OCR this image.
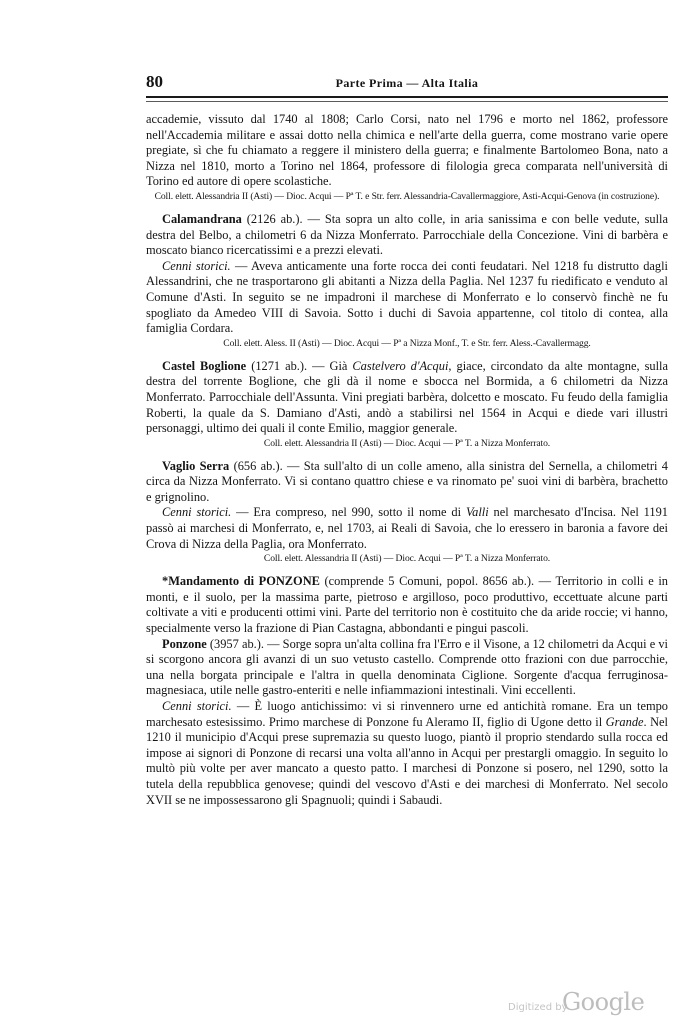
80	Parte Prima — Alta Italia

accademie, vissuto dal 1740 al 1808; Carlo Corsi, nato nel 1796 e morto nel 1862, professore nell'Accademia militare e assai dotto nella chimica e nell'arte della guerra, come mostrano varie opere pregiate, sì che fu chiamato a reggere il ministero della guerra; e finalmente Bartolomeo Bona, nato a Nizza nel 1810, morto a Torino nel 1864, professore di filologia greca comparata nell'università di Torino ed autore di opere scolastiche.

Coll. elett. Alessandria II (Asti) — Dioc. Acqui — Pª T. e Str. ferr. Alessandria-Cavallermaggiore, Asti-Acqui-Genova (in costruzione).

Calamandrana (2126 ab.). — Sta sopra un alto colle, in aria sanissima e con belle vedute, sulla destra del Belbo, a chilometri 6 da Nizza Monferrato. Parrocchiale della Concezione. Vini di barbèra e moscato bianco ricercatissimi e a prezzi elevati.

Cenni storici. — Aveva anticamente una forte rocca dei conti feudatari. Nel 1218 fu distrutto dagli Alessandrini, che ne trasportarono gli abitanti a Nizza della Paglia. Nel 1237 fu riedificato e venduto al Comune d'Asti. In seguito se ne impadroni il marchese di Monferrato e lo conservò finchè ne fu spogliato da Amedeo VIII di Savoia. Sotto i duchi di Savoia appartenne, col titolo di contea, alla famiglia Cordara.

Coll. elett. Aless. II (Asti) — Dioc. Acqui — Pª a Nizza Monf., T. e Str. ferr. Aless.-Cavallermagg.

Castel Boglione (1271 ab.). — Già Castelvero d'Acqui, giace, circondato da alte montagne, sulla destra del torrente Boglione, che gli dà il nome e sbocca nel Bormida, a 6 chilometri da Nizza Monferrato. Parrocchiale dell'Assunta. Vini pregiati barbèra, dolcetto e moscato. Fu feudo della famiglia Roberti, la quale da S. Damiano d'Asti, andò a stabilirsi nel 1564 in Acqui e diede vari illustri personaggi, ultimo dei quali il conte Emilio, maggior generale.

Coll. elett. Alessandria II (Asti) — Dioc. Acqui — Pª T. a Nizza Monferrato.

Vaglio Serra (656 ab.). — Sta sull'alto di un colle ameno, alla sinistra del Sernella, a chilometri 4 circa da Nizza Monferrato. Vi si contano quattro chiese e va rinomato pe' suoi vini di barbèra, brachetto e grignolino.

Cenni storici. — Era compreso, nel 990, sotto il nome di Valli nel marchesato d'Incisa. Nel 1191 passò ai marchesi di Monferrato, e, nel 1703, ai Reali di Savoia, che lo eressero in baronia a favore dei Crova di Nizza della Paglia, ora Monferrato.

Coll. elett. Alessandria II (Asti) — Dioc. Acqui — Pª T. a Nizza Monferrato.

*Mandamento di PONZONE (comprende 5 Comuni, popol. 8656 ab.). — Territorio in colli e in monti, e il suolo, per la massima parte, pietroso e argilloso, poco produttivo, eccettuate alcune parti coltivate a viti e producenti ottimi vini. Parte del territorio non è costituito che da aride roccie; vi hanno, specialmente verso la frazione di Pian Castagna, abbondanti e pingui pascoli.

Ponzone (3957 ab.). — Sorge sopra un'alta collina fra l'Erro e il Visone, a 12 chilometri da Acqui e vi si scorgono ancora gli avanzi di un suo vetusto castello. Comprende otto frazioni con due parrocchie, una nella borgata principale e l'altra in quella denominata Ciglione. Sorgente d'acqua ferruginosa-magnesiaca, utile nelle gastro-enteriti e nelle infiammazioni intestinali. Vini eccellenti.

Cenni storici. — È luogo antichissimo: vi si rinvennero urne ed antichità romane. Era un tempo marchesato estesissimo. Primo marchese di Ponzone fu Aleramo II, figlio di Ugone detto il Grande. Nel 1210 il municipio d'Acqui prese supremazia su questo luogo, piantò il proprio stendardo sulla rocca ed impose ai signori di Ponzone di recarsi una volta all'anno in Acqui per prestargli omaggio. In seguito lo multò più volte per aver mancato a questo patto. I marchesi di Ponzone si posero, nel 1290, sotto la tutela della repubblica genovese; quindi del vescovo d'Asti e dei marchesi di Monferrato. Nel secolo XVII se ne impossessarono gli Spagnuoli; quindi i Sabaudi.

Digitized by
Google
